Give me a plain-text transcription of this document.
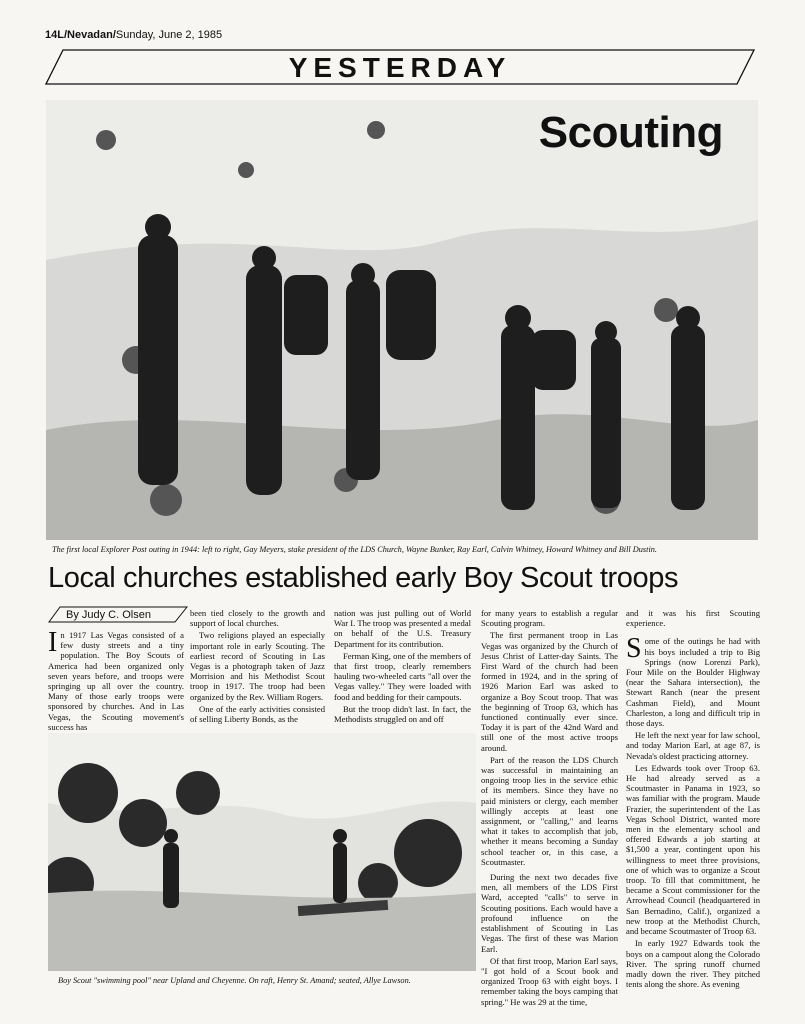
14L/Nevadan/Sunday, June 2, 1985
YESTERDAY
Scouting
The first local Explorer Post outing in 1944: left to right, Gay Meyers, stake president of the LDS Church, Wayne Bunker, Ray Earl, Calvin Whitney, Howard Whitney and Bill Dustin.
Local churches established early Boy Scout troops
By Judy C. Olsen

In 1917 Las Vegas consisted of a few dusty streets and a tiny population. The Boy Scouts of America had been organized only seven years before, and troops were springing up all over the country. Many of those early troops were sponsored by churches. And in Las Vegas, the Scouting movement's success has

been tied closely to the growth and support of local churches.

Two religions played an especially important role in early Scouting. The earliest record of Scouting in Las Vegas is a photograph taken of Jazz Morrision and his Methodist Scout troop in 1917. The troop had been organized by the Rev. William Rogers.

One of the early activities consisted of selling Liberty Bonds, as the

nation was just pulling out of World War I. The troop was presented a medal on behalf of the U.S. Treasury Department for its contribution.

Ferman King, one of the members of that first troop, clearly remembers hauling two-wheeled carts "all over the Vegas valley." They were loaded with food and bedding for their campouts.

But the troop didn't last. In fact, the Methodists struggled on and off

Boy Scout "swimming pool" near Upland and Cheyenne. On raft, Henry St. Amand; seated, Allye Lawson.

for many years to establish a regular Scouting program.

The first permanent troop in Las Vegas was organized by the Church of Jesus Christ of Latter-day Saints. The First Ward of the church had been formed in 1924, and in the spring of 1926 Marion Earl was asked to organize a Boy Scout troop. That was the beginning of Troop 63, which has functioned continually ever since. Today it is part of the 42nd Ward and still one of the most active troops around.

Part of the reason the LDS Church was successful in maintaining an ongoing troop lies in the service ethic of its members. Since they have no paid ministers or clergy, each member willingly accepts at least one assignment, or "calling," and learns what it takes to accomplish that job, whether it means becoming a Sunday school teacher or, in this case, a Scoutmaster.

During the next two decades five men, all members of the LDS First Ward, accepted "calls" to serve in Scouting positions. Each would have a profound influence on the establishment of Scouting in Las Vegas. The first of these was Marion Earl.

Of that first troop, Marion Earl says, "I got hold of a Scout book and organized Troop 63 with eight boys. I remember taking the boys camping that spring." He was 29 at the time,

and it was his first Scouting experience.

Some of the outings he had with his boys included a trip to Big Springs (now Lorenzi Park), Four Mile on the Boulder Highway (near the Sahara intersection), the Stewart Ranch (near the present Cashman Field), and Mount Charleston, a long and difficult trip in those days.

He left the next year for law school, and today Marion Earl, at age 87, is Nevada's oldest practicing attorney.

Les Edwards took over Troop 63. He had already served as a Scoutmaster in Panama in 1923, so was familiar with the program. Maude Frazier, the superintendent of the Las Vegas School District, wanted more men in the elementary school and offered Edwards a job starting at $1,500 a year, contingent upon his willingness to meet three provisions, one of which was to organize a Scout troop. To fill that committment, he became a Scout commissioner for the Arrowhead Council (headquartered in San Bernadino, Calif.), organized a new troop at the Methodist Church, and became Scoutmaster of Troop 63.

In early 1927 Edwards took the boys on a campout along the Colorado River. The spring runoff churned madly down the river. They pitched tents along the shore. As evening
